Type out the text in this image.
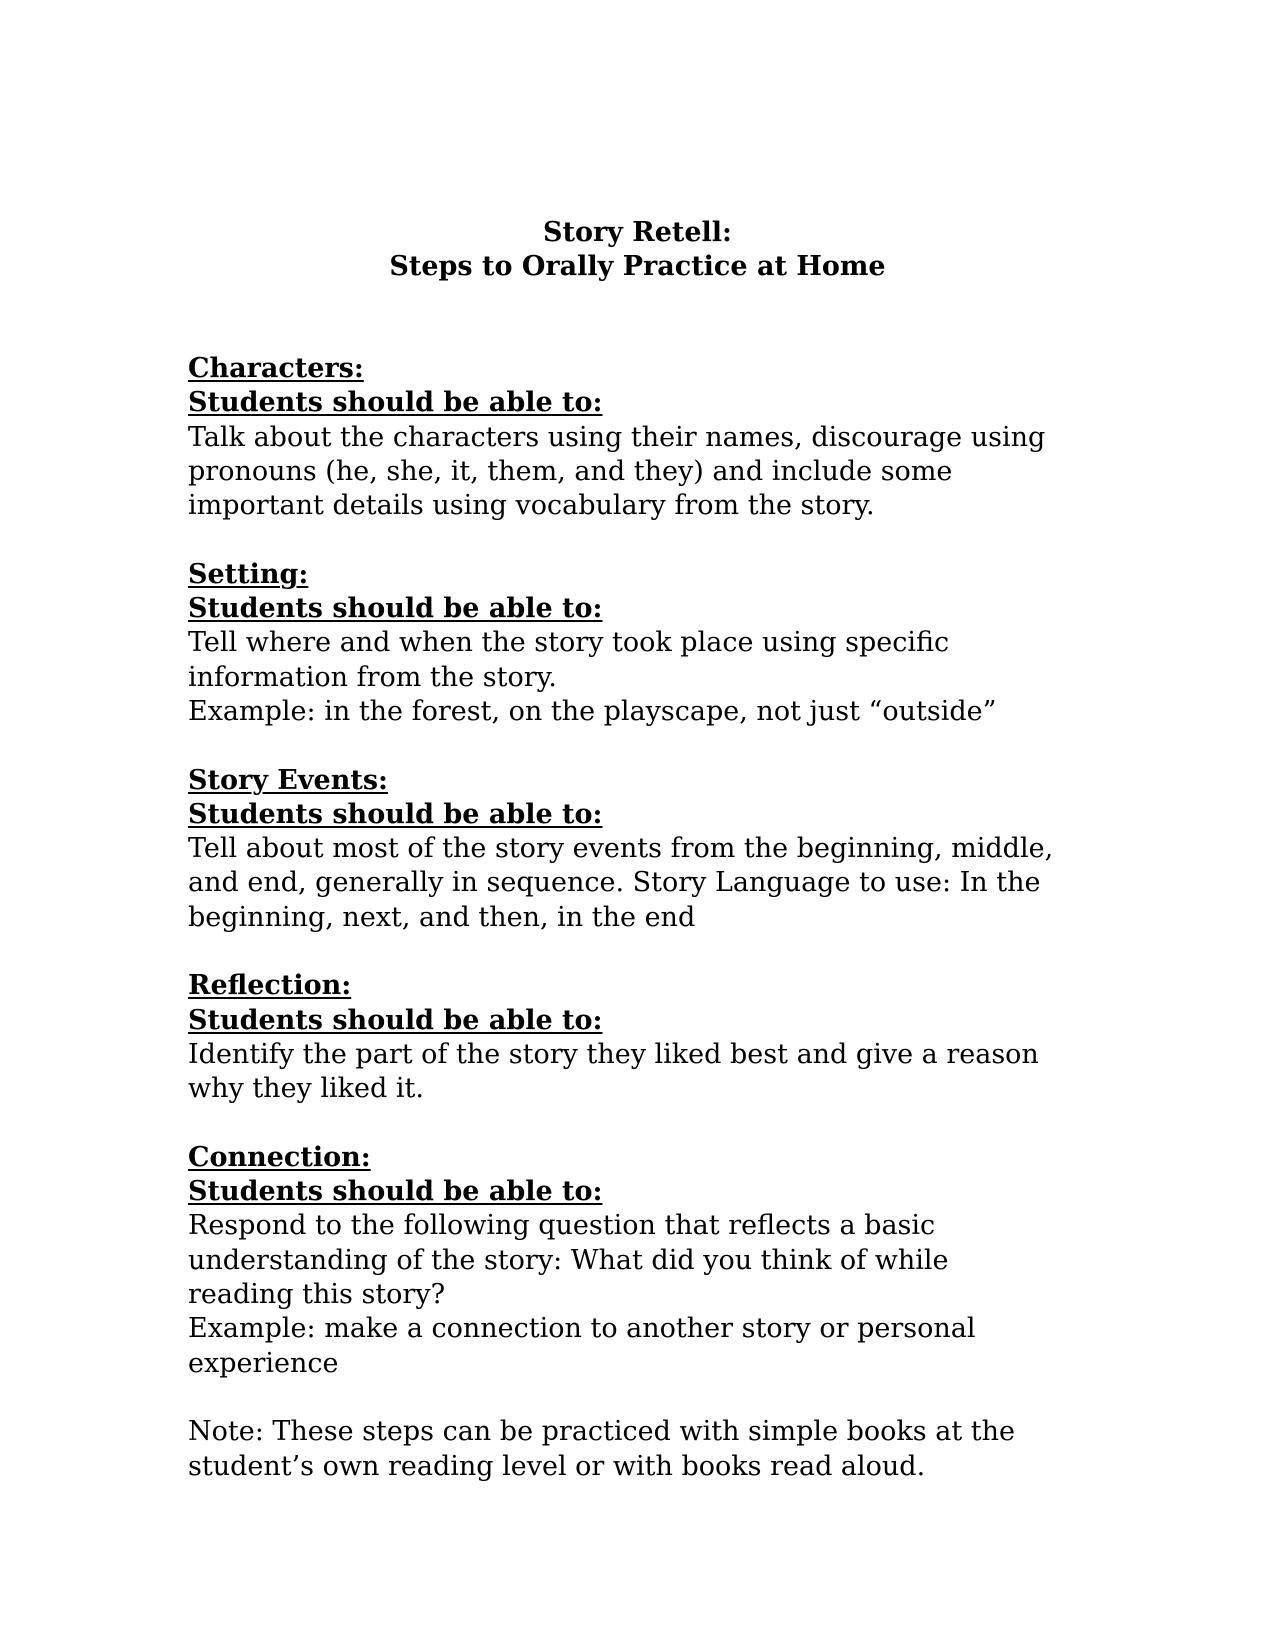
Story Retell:
Steps to Orally Practice at Home
Characters:
Students should be able to:
Talk about the characters using their names, discourage using
pronouns (he, she, it, them, and they) and include some
important details using vocabulary from the story.
Setting:
Students should be able to:
Tell where and when the story took place using specific
information from the story.
Example: in the forest, on the playscape, not just “outside”
Story Events:
Students should be able to:
Tell about most of the story events from the beginning, middle,
and end, generally in sequence. Story Language to use: In the
beginning, next, and then, in the end
Reflection:
Students should be able to:
Identify the part of the story they liked best and give a reason
why they liked it.
Connection:
Students should be able to:
Respond to the following question that reflects a basic
understanding of the story: What did you think of while
reading this story?
Example: make a connection to another story or personal
experience
Note: These steps can be practiced with simple books at the
student’s own reading level or with books read aloud.
